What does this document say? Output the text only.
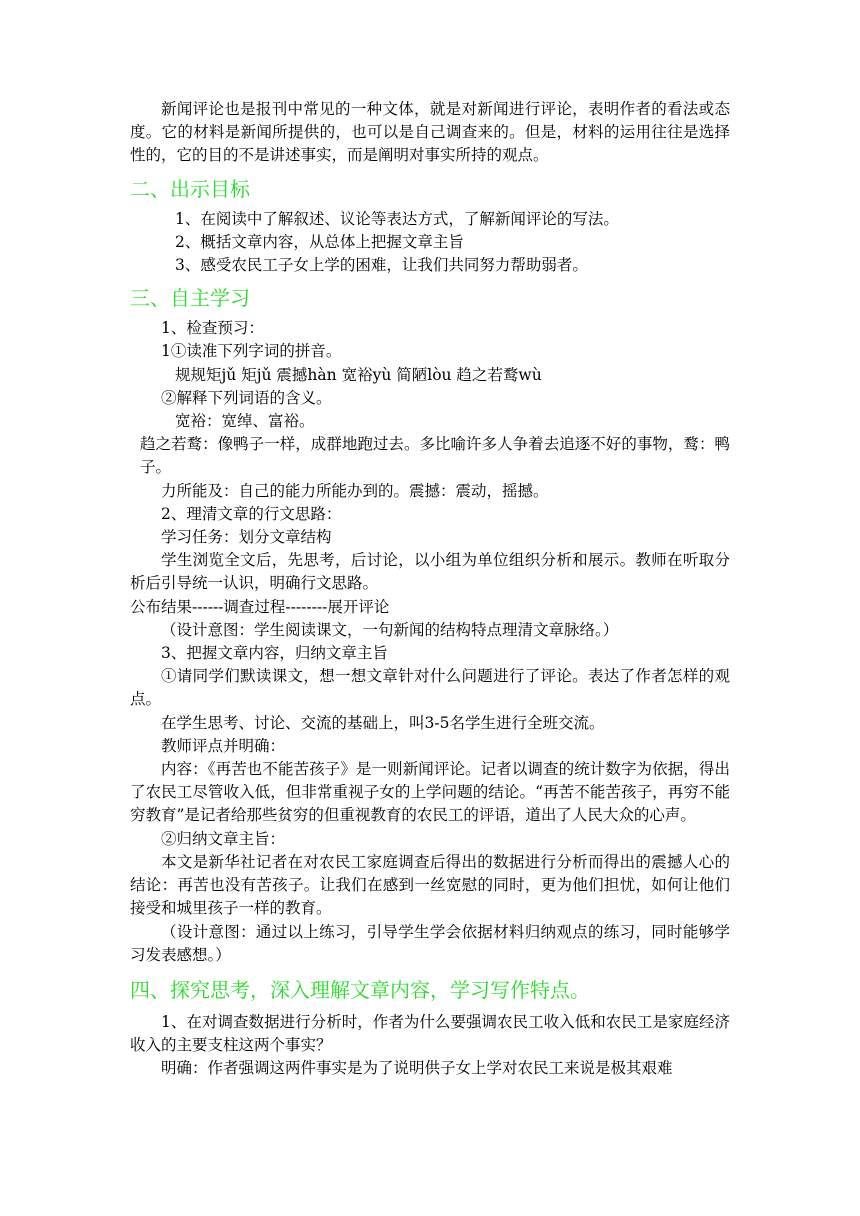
新闻评论也是报刊中常见的一种文体，就是对新闻进行评论，表明作者的看法或态度。它的材料是新闻所提供的，也可以是自己调查来的。但是，材料的运用往往是选择性的，它的目的不是讲述事实，而是阐明对事实所持的观点。

二、出示目标

1、在阅读中了解叙述、议论等表达方式，了解新闻评论的写法。

2、概括文章内容，从总体上把握文章主旨

3、感受农民工子女上学的困难，让我们共同努力帮助弱者。

三、自主学习

1、检查预习：

1①读准下列字词的拼音。

规规矩jǔ 矩jǔ 震撼hàn 宽裕yù 简陋lòu 趋之若鹜wù

②解释下列词语的含义。

宽裕：宽绰、富裕。

趋之若鹜：像鸭子一样，成群地跑过去。多比喻许多人争着去追逐不好的事物，鹜：鸭子。

力所能及：自己的能力所能办到的。震撼：震动，摇撼。

2、理清文章的行文思路：

学习任务：划分文章结构

学生浏览全文后，先思考，后讨论，以小组为单位组织分析和展示。教师在听取分析后引导统一认识，明确行文思路。

公布结果------调查过程--------展开评论

（设计意图：学生阅读课文，一句新闻的结构特点理清文章脉络。）

3、把握文章内容，归纳文章主旨

①请同学们默读课文，想一想文章针对什么问题进行了评论。表达了作者怎样的观点。

在学生思考、讨论、交流的基础上，叫3-5名学生进行全班交流。

教师评点并明确：

内容：《再苦也不能苦孩子》是一则新闻评论。记者以调查的统计数字为依据，得出了农民工尽管收入低，但非常重视子女的上学问题的结论。“再苦不能苦孩子，再穷不能穷教育”是记者给那些贫穷的但重视教育的农民工的评语，道出了人民大众的心声。

②归纳文章主旨：

本文是新华社记者在对农民工家庭调查后得出的数据进行分析而得出的震撼人心的结论：再苦也没有苦孩子。让我们在感到一丝宽慰的同时，更为他们担忧，如何让他们接受和城里孩子一样的教育。

（设计意图：通过以上练习，引导学生学会依据材料归纳观点的练习，同时能够学习发表感想。）

四、探究思考，深入理解文章内容，学习写作特点。

1、在对调查数据进行分析时，作者为什么要强调农民工收入低和农民工是家庭经济收入的主要支柱这两个事实？

明确：作者强调这两件事实是为了说明供子女上学对农民工来说是极其艰难
